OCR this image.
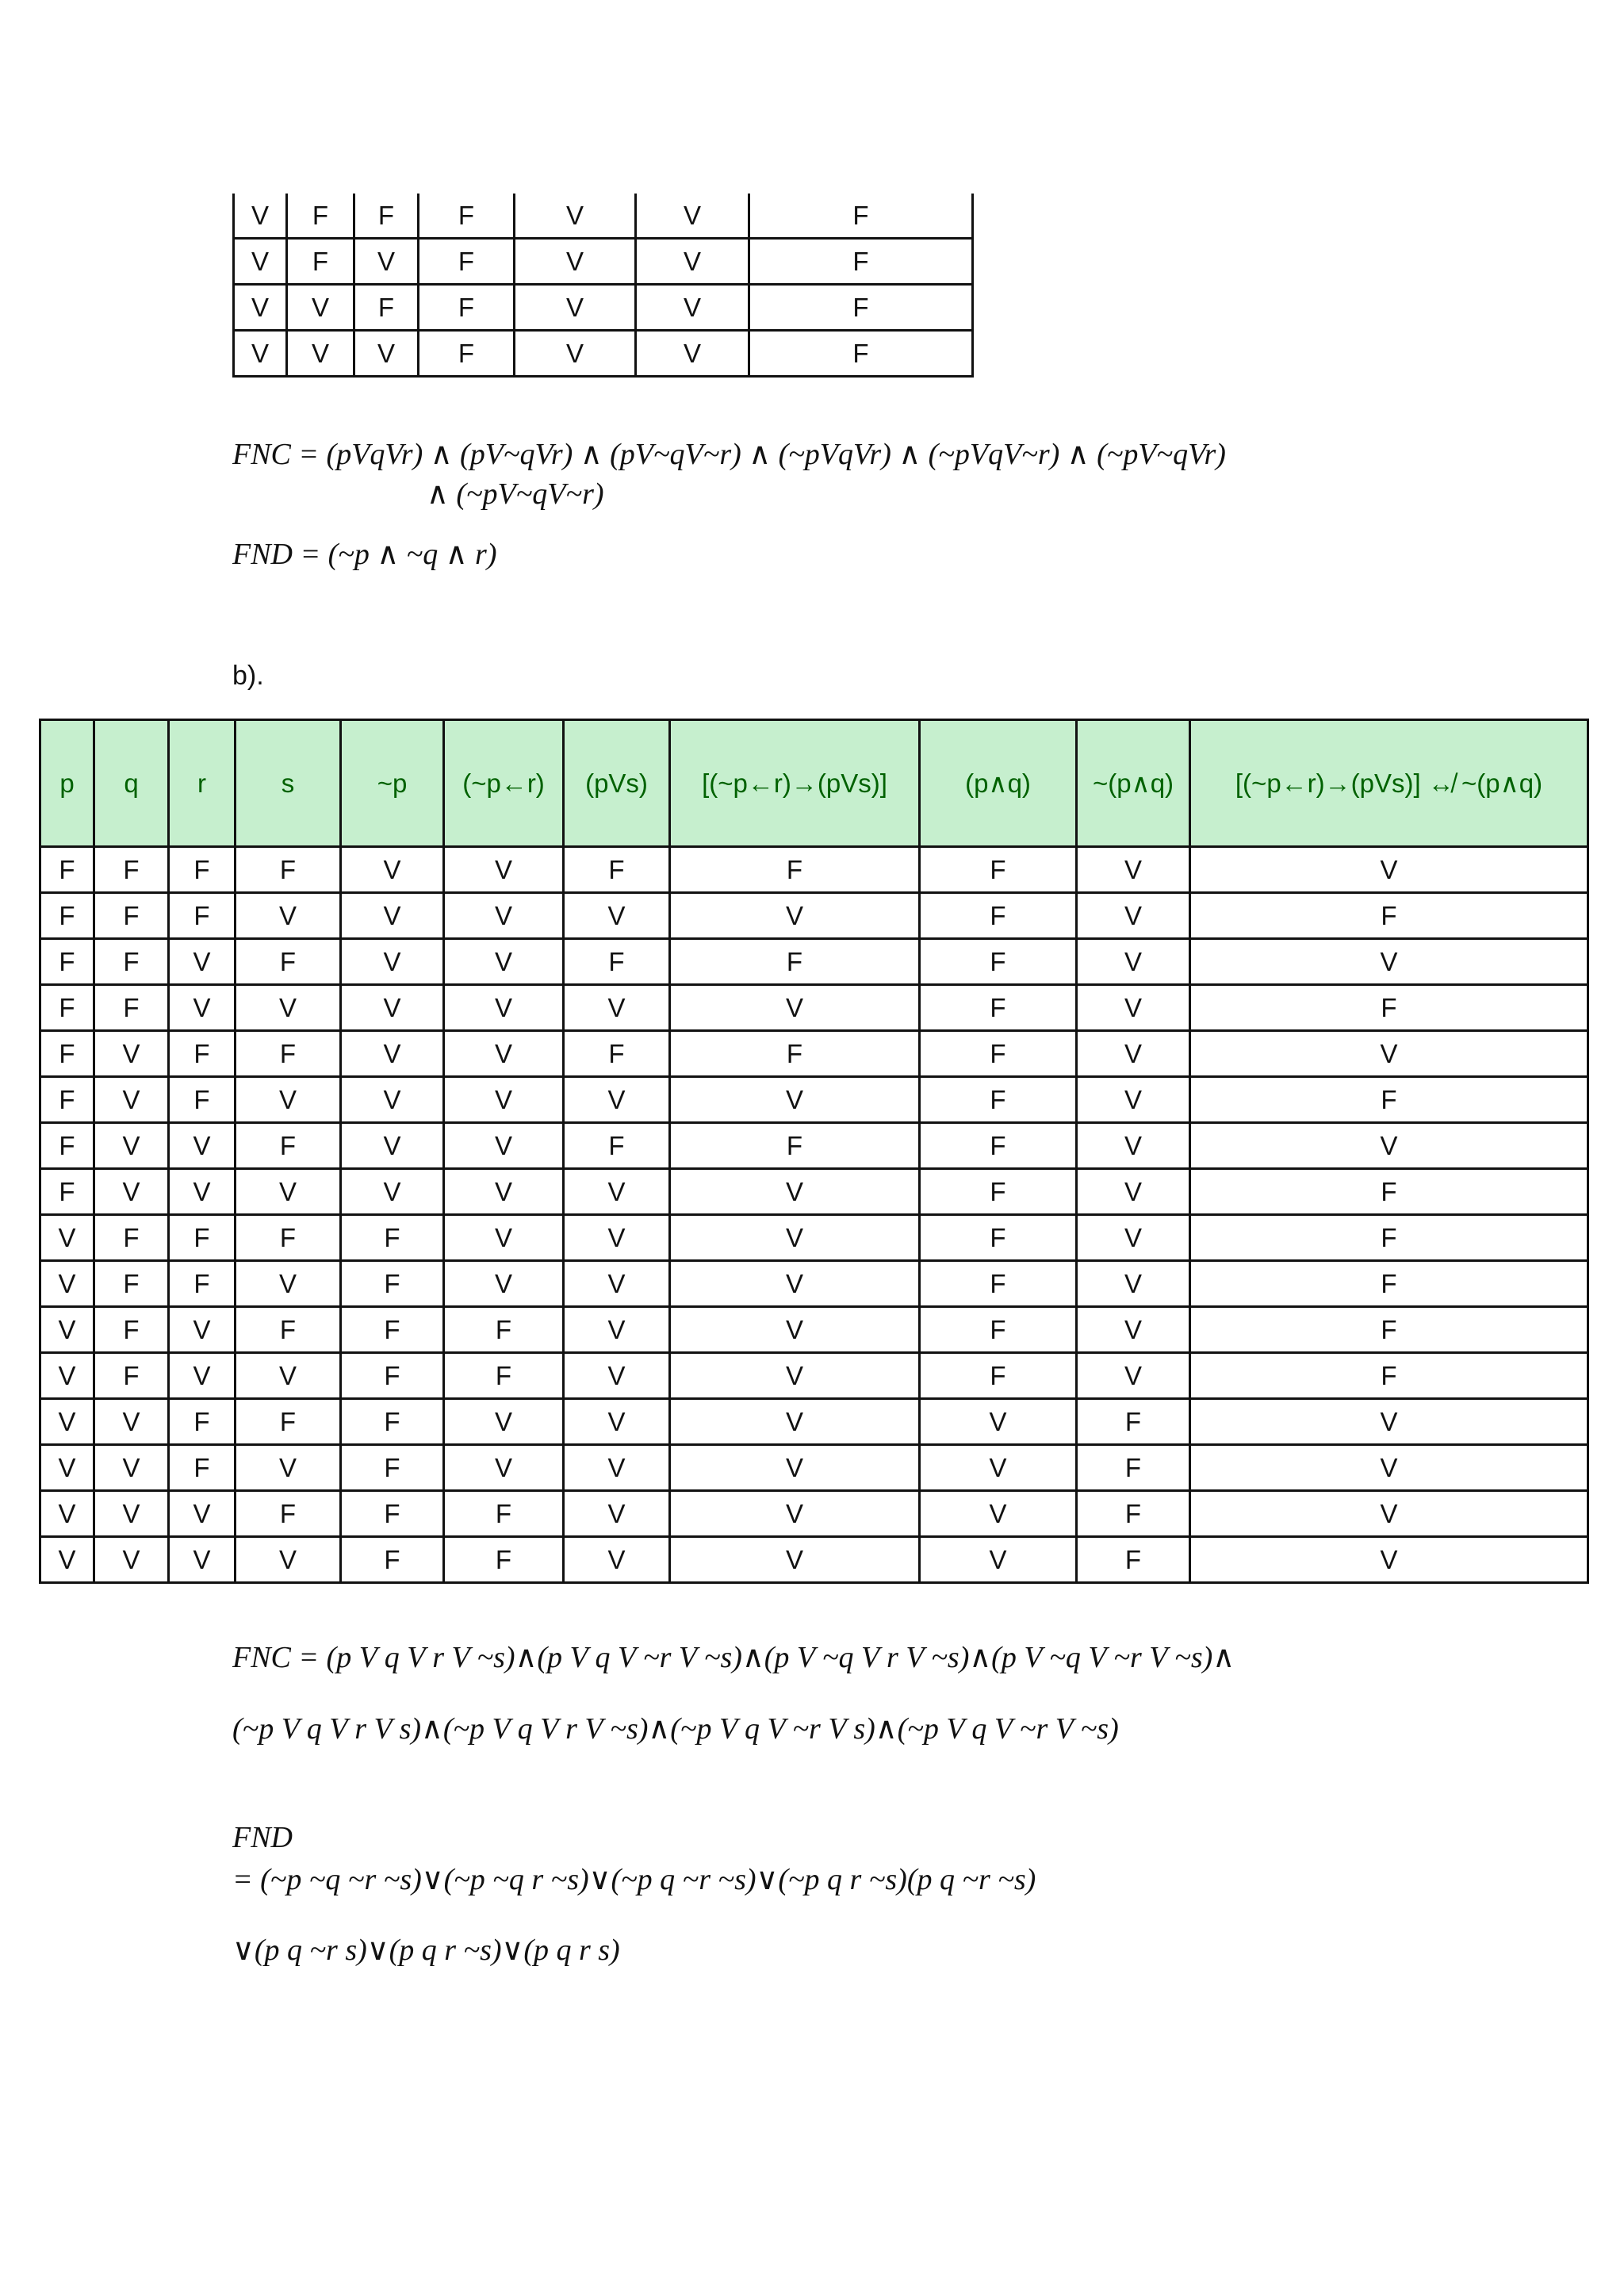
V	F	F	F	V	V	F
V	F	V	F	V	V	F
V	V	F	F	V	V	F
V	V	V	F	V	V	F
FNC = (pVqVr) ∧ (pV~qVr) ∧ (pV~qV~r) ∧ (~pVqVr) ∧ (~pVqV~r) ∧ (~pV~qVr)
∧ (~pV~qV~r)
FND = (~p ∧ ~q ∧ r)
b).
p	q	r	s	~p	(~p←r)	(pVs)	[(~p←r)→(pVs)]	(p∧q)	~(p∧q)	[(~p←r)→(pVs)] ↮ ~(p∧q)
F	F	F	F	V	V	F	F	F	V	V
F	F	F	V	V	V	V	V	F	V	F
F	F	V	F	V	V	F	F	F	V	V
F	F	V	V	V	V	V	V	F	V	F
F	V	F	F	V	V	F	F	F	V	V
F	V	F	V	V	V	V	V	F	V	F
F	V	V	F	V	V	F	F	F	V	V
F	V	V	V	V	V	V	V	F	V	F
V	F	F	F	F	V	V	V	F	V	F
V	F	F	V	F	V	V	V	F	V	F
V	F	V	F	F	F	V	V	F	V	F
V	F	V	V	F	F	V	V	F	V	F
V	V	F	F	F	V	V	V	V	F	V
V	V	F	V	F	V	V	V	V	F	V
V	V	V	F	F	F	V	V	V	F	V
V	V	V	V	F	F	V	V	V	F	V
FNC = (p V q V r V ~s)∧(p V q V ~r V ~s)∧(p V ~q V r V ~s)∧(p V ~q V ~r V ~s)∧
(~p V q V r V s)∧(~p V q V r V ~s)∧(~p V q V ~r V s)∧(~p V q V ~r V ~s)
FND
= (~p ~q ~r ~s)∨(~p ~q r ~s)∨(~p q ~r ~s)∨(~p q r ~s)(p q ~r ~s)
∨(p q ~r s)∨(p q r ~s)∨(p q r s)
